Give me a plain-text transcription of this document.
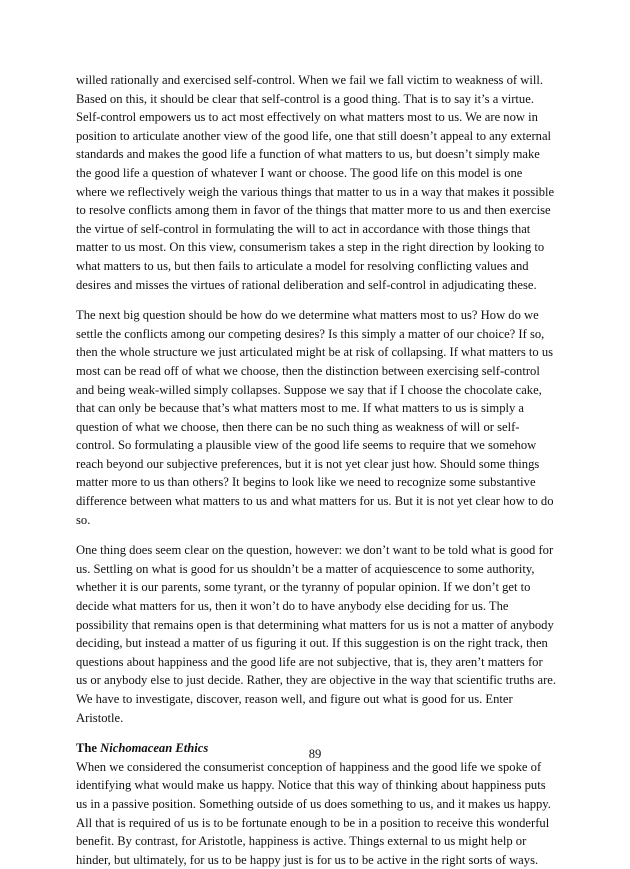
willed rationally and exercised self-control. When we fail we fall victim to weakness of will. Based on this, it should be clear that self-control is a good thing. That is to say it’s a virtue. Self-control empowers us to act most effectively on what matters most to us. We are now in position to articulate another view of the good life, one that still doesn’t appeal to any external standards and makes the good life a function of what matters to us, but doesn’t simply make the good life a question of whatever I want or choose. The good life on this model is one where we reflectively weigh the various things that matter to us in a way that makes it possible to resolve conflicts among them in favor of the things that matter more to us and then exercise the virtue of self-control in formulating the will to act in accordance with those things that matter to us most. On this view, consumerism takes a step in the right direction by looking to what matters to us, but then fails to articulate a model for resolving conflicting values and desires and misses the virtues of rational deliberation and self-control in adjudicating these.

The next big question should be how do we determine what matters most to us? How do we settle the conflicts among our competing desires? Is this simply a matter of our choice? If so, then the whole structure we just articulated might be at risk of collapsing. If what matters to us most can be read off of what we choose, then the distinction between exercising self-control and being weak-willed simply collapses. Suppose we say that if I choose the chocolate cake, that can only be because that’s what matters most to me. If what matters to us is simply a question of what we choose, then there can be no such thing as weakness of will or self-control. So formulating a plausible view of the good life seems to require that we somehow reach beyond our subjective preferences, but it is not yet clear just how. Should some things matter more to us than others? It begins to look like we need to recognize some substantive difference between what matters to us and what matters for us. But it is not yet clear how to do so.

One thing does seem clear on the question, however: we don’t want to be told what is good for us. Settling on what is good for us shouldn’t be a matter of acquiescence to some authority, whether it is our parents, some tyrant, or the tyranny of popular opinion. If we don’t get to decide what matters for us, then it won’t do to have anybody else deciding for us. The possibility that remains open is that determining what matters for us is not a matter of anybody deciding, but instead a matter of us figuring it out. If this suggestion is on the right track, then questions about happiness and the good life are not subjective, that is, they aren’t matters for us or anybody else to just decide. Rather, they are objective in the way that scientific truths are. We have to investigate, discover, reason well, and figure out what is good for us. Enter Aristotle.

The Nichomacean Ethics

When we considered the consumerist conception of happiness and the good life we spoke of identifying what would make us happy. Notice that this way of thinking about happiness puts us in a passive position. Something outside of us does something to us, and it makes us happy. All that is required of us is to be fortunate enough to be in a position to receive this wonderful benefit. By contrast, for Aristotle, happiness is active. Things external to us might help or hinder, but ultimately, for us to be happy just is for us to be active in the right sorts of ways.

89
